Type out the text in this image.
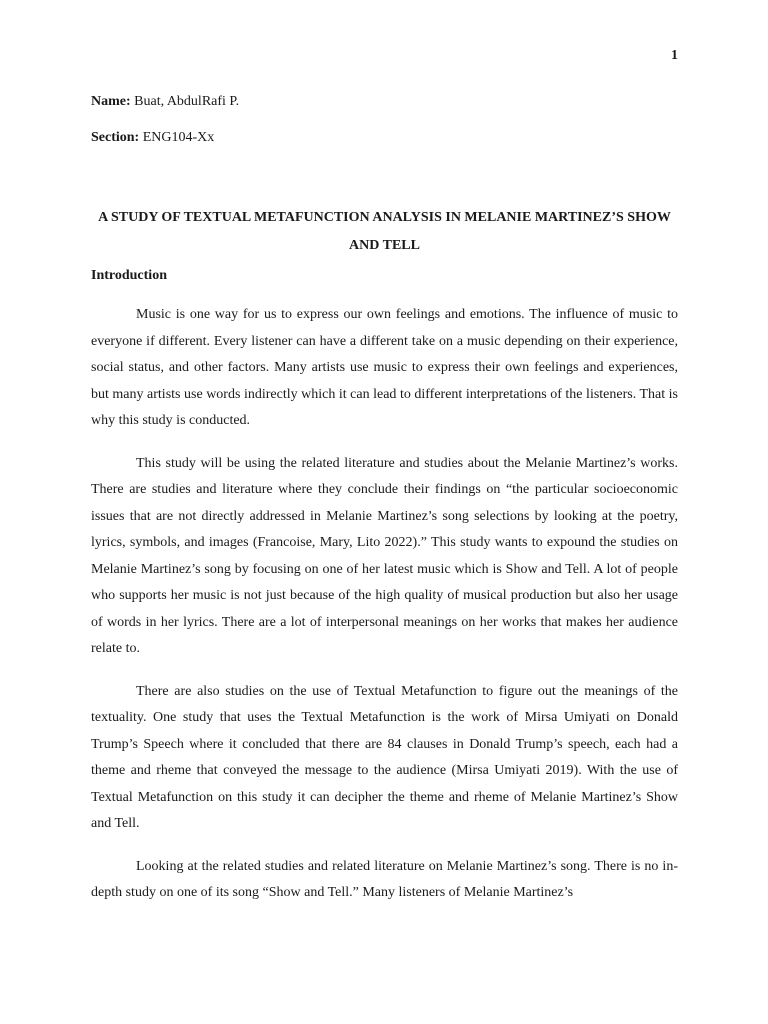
1
Name: Buat, AbdulRafi P.
Section: ENG104-Xx
A STUDY OF TEXTUAL METAFUNCTION ANALYSIS IN MELANIE MARTINEZ’S SHOW AND TELL
Introduction

Music is one way for us to express our own feelings and emotions. The influence of music to everyone if different. Every listener can have a different take on a music depending on their experience, social status, and other factors. Many artists use music to express their own feelings and experiences, but many artists use words indirectly which it can lead to different interpretations of the listeners. That is why this study is conducted.

This study will be using the related literature and studies about the Melanie Martinez’s works. There are studies and literature where they conclude their findings on “the particular socioeconomic issues that are not directly addressed in Melanie Martinez’s song selections by looking at the poetry, lyrics, symbols, and images (Francoise, Mary, Lito 2022).” This study wants to expound the studies on Melanie Martinez’s song by focusing on one of her latest music which is Show and Tell. A lot of people who supports her music is not just because of the high quality of musical production but also her usage of words in her lyrics. There are a lot of interpersonal meanings on her works that makes her audience relate to.

There are also studies on the use of Textual Metafunction to figure out the meanings of the textuality. One study that uses the Textual Metafunction is the work of Mirsa Umiyati on Donald Trump’s Speech where it concluded that there are 84 clauses in Donald Trump’s speech, each had a theme and rheme that conveyed the message to the audience (Mirsa Umiyati 2019). With the use of Textual Metafunction on this study it can decipher the theme and rheme of Melanie Martinez’s Show and Tell.

Looking at the related studies and related literature on Melanie Martinez’s song. There is no in-depth study on one of its song “Show and Tell.” Many listeners of Melanie Martinez’s
